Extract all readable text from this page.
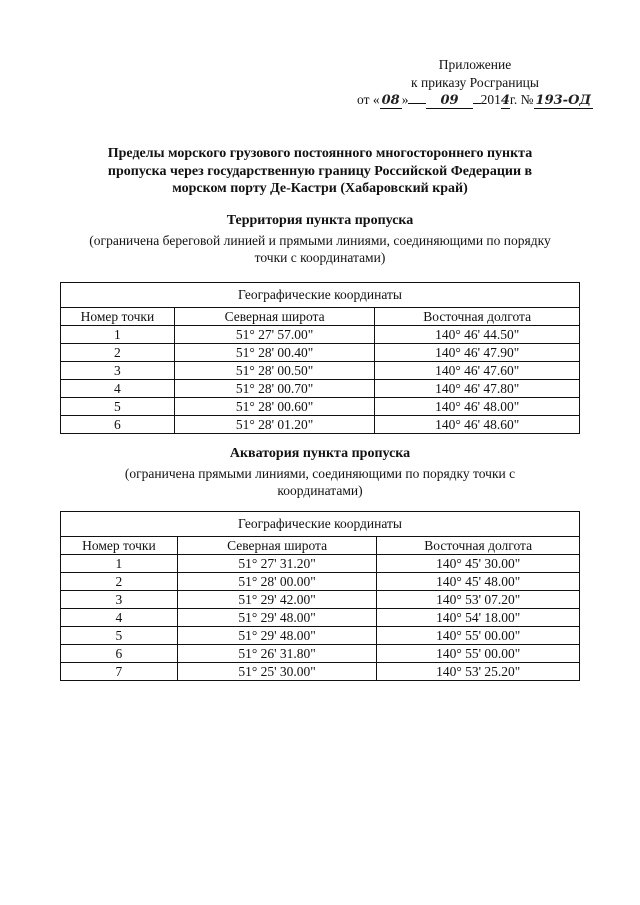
Приложение
к приказу Росграницы
от « 08 » 09 2014г. № 193-ОД
Пределы морского грузового постоянного многостороннего пункта
пропуска через государственную границу Российской Федерации в
морском порту Де-Кастри (Хабаровский край)
Территория пункта пропуска
(ограничена береговой линией и прямыми линиями, соединяющими по порядку
точки с координатами)
Географические координаты		
Номер точки	Северная широта	Восточная долгота
1	51° 27' 57.00"	140° 46' 44.50"
2	51° 28' 00.40"	140° 46' 47.90"
3	51° 28' 00.50"	140° 46' 47.60"
4	51° 28' 00.70"	140° 46' 47.80"
5	51° 28' 00.60"	140° 46' 48.00"
6	51° 28' 01.20"	140° 46' 48.60"
Акватория пункта пропуска
(ограничена прямыми линиями, соединяющими по порядку точки с
координатами)
Географические координаты		
Номер точки	Северная широта	Восточная долгота
1	51° 27' 31.20"	140° 45' 30.00"
2	51° 28' 00.00"	140° 45' 48.00"
3	51° 29' 42.00"	140° 53' 07.20"
4	51° 29' 48.00"	140° 54' 18.00"
5	51° 29' 48.00"	140° 55' 00.00"
6	51° 26' 31.80"	140° 55' 00.00"
7	51° 25' 30.00"	140° 53' 25.20"
